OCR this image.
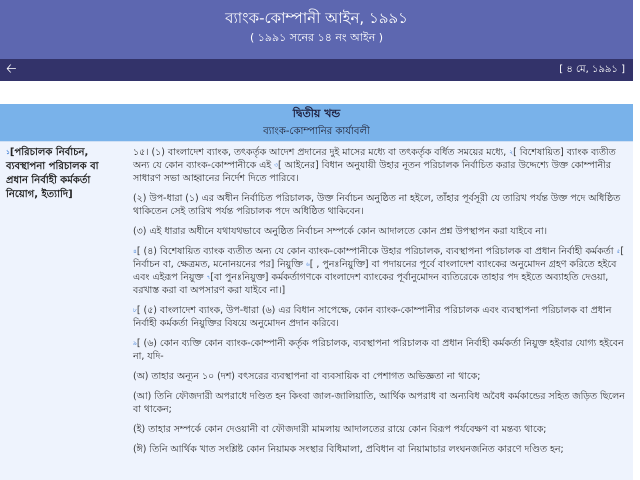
ব্যাংক-কোম্পানী আইন, ১৯৯১
( ১৯৯১ সনের ১৪ নং আইন )
🡠	[ ৪ মে, ১৯৯১ ]
দ্বিতীয় খন্ড
ব্যাংক-কোম্পানির কার্যাবলী
$^১$[পরিচালক নির্বাচন, ব্যবস্থাপনা পরিচালক বা প্রধান নির্বাহী কর্মকর্তা নিয়োগ, ইত্যাদি]

১৫। (১) বাংলাদেশ ব্যাংক, তৎকর্তৃক আদেশ প্রদানের দুই মাসের মধ্যে বা তৎকর্তৃক বর্ধিত সময়ের মধ্যে, $^২$[ বিশেষায়িত] ব্যাংক ব্যতীত অন্য যে কোন ব্যাংক-কোম্পানীকে এই $^৩$[ আইনের] বিধান অনুযায়ী উহার নূতন পরিচালক নির্বাচিত করার উদ্দেশ্যে উক্ত কোম্পানীর সাধারণ সভা আহ্বানের নির্দেশ দিতে পারিবে।

(২) উপ-ধারা (১) এর অধীন নির্বাচিত পরিচালক, উক্ত নির্বাচন অনুষ্ঠিত না হইলে, তাঁহার পূর্বসূরী যে তারিখ পর্যন্ত উক্ত পদে অধিষ্ঠিত থাকিতেন সেই তারিখ পর্যন্ত পরিচালক পদে অধিষ্ঠিত থাকিবেন।

(৩) এই ধারার অধীনে যথাযথভাবে অনুষ্ঠিত নির্বাচন সম্পর্কে কোন আদালতে কোন প্রশ্ন উপস্থাপন করা যাইবে না।

$^৪$[ (৪) বিশেষায়িত ব্যাংক ব্যতীত অন্য যে কোন ব্যাংক-কোম্পানীকে উহার পরিচালক, ব্যবস্থাপনা পরিচালক বা প্রধান নির্বাহী কর্মকর্তা $^৫$[ নির্বাচন বা, ক্ষেত্রমত, মনোনয়নের পর] নিয়ুক্তি $^৬$[ , পুনঃনিয়ুক্তি] বা পদায়নের পূর্বে বাংলাদেশ ব্যাংকের অনুমোদন গ্রহণ করিতে হইবে এবং এইরূপ নিয়ুক্ত $^৭$[বা পুনঃনিয়ুক্ত] কর্মকর্তাগণকে বাংলাদেশ ব্যাংকের পূর্বানুমোদন ব্যতিরেকে তাহার পদ হইতে অব্যাহতি দেওয়া, বরখাস্ত করা বা অপসারণ করা যাইবে না।]

$^৮$[ (৫) বাংলাদেশ ব্যাংক, উপ-ধারা (৬) এর বিধান সাপেক্ষে, কোন ব্যাংক-কোম্পানীর পরিচালক এবং ব্যবস্থাপনা পরিচালক বা প্রধান নির্বাহী কর্মকর্তা নিয়ুক্তির বিষয়ে অনুমোদন প্রদান করিবে।

$^৯$[ (৬) কোন ব্যক্তি কোন ব্যাংক-কোম্পানী কর্তৃক পরিচালক, ব্যবস্থাপনা পরিচালক বা প্রধান নির্বাহী কর্মকর্তা নিয়ুক্ত হইবার যোগ্য হইবেন না, যদি-

(অ) তাহার অন্যূন ১০ (দশ) বৎসরের ব্যবস্থাপনা বা ব্যবসায়িক বা পেশাগত অভিজ্ঞতা না থাকে;

(আ) তিনি ফৌজদারী অপরাধে দণ্ডিত হন কিংবা জাল-জালিয়াতি, আর্থিক অপরাধ বা অন্যবিধ অবৈধ কর্মকান্ডের সহিত জড়িত ছিলেন বা থাকেন;

(ই) তাহার সম্পর্কে কোন দেওয়ানী বা ফৌজদারী মামলায় আদালতের রায়ে কোন বিরূপ পর্যবেক্ষণ বা মন্তব্য থাকে;

(ঈ) তিনি আর্থিক খাত সংশ্লিষ্ট কোন নিয়ামক সংস্থার বিধিমালা, প্রবিধান বা নিয়ামাচার লংঘনজনিত কারণে দণ্ডিত হন;
